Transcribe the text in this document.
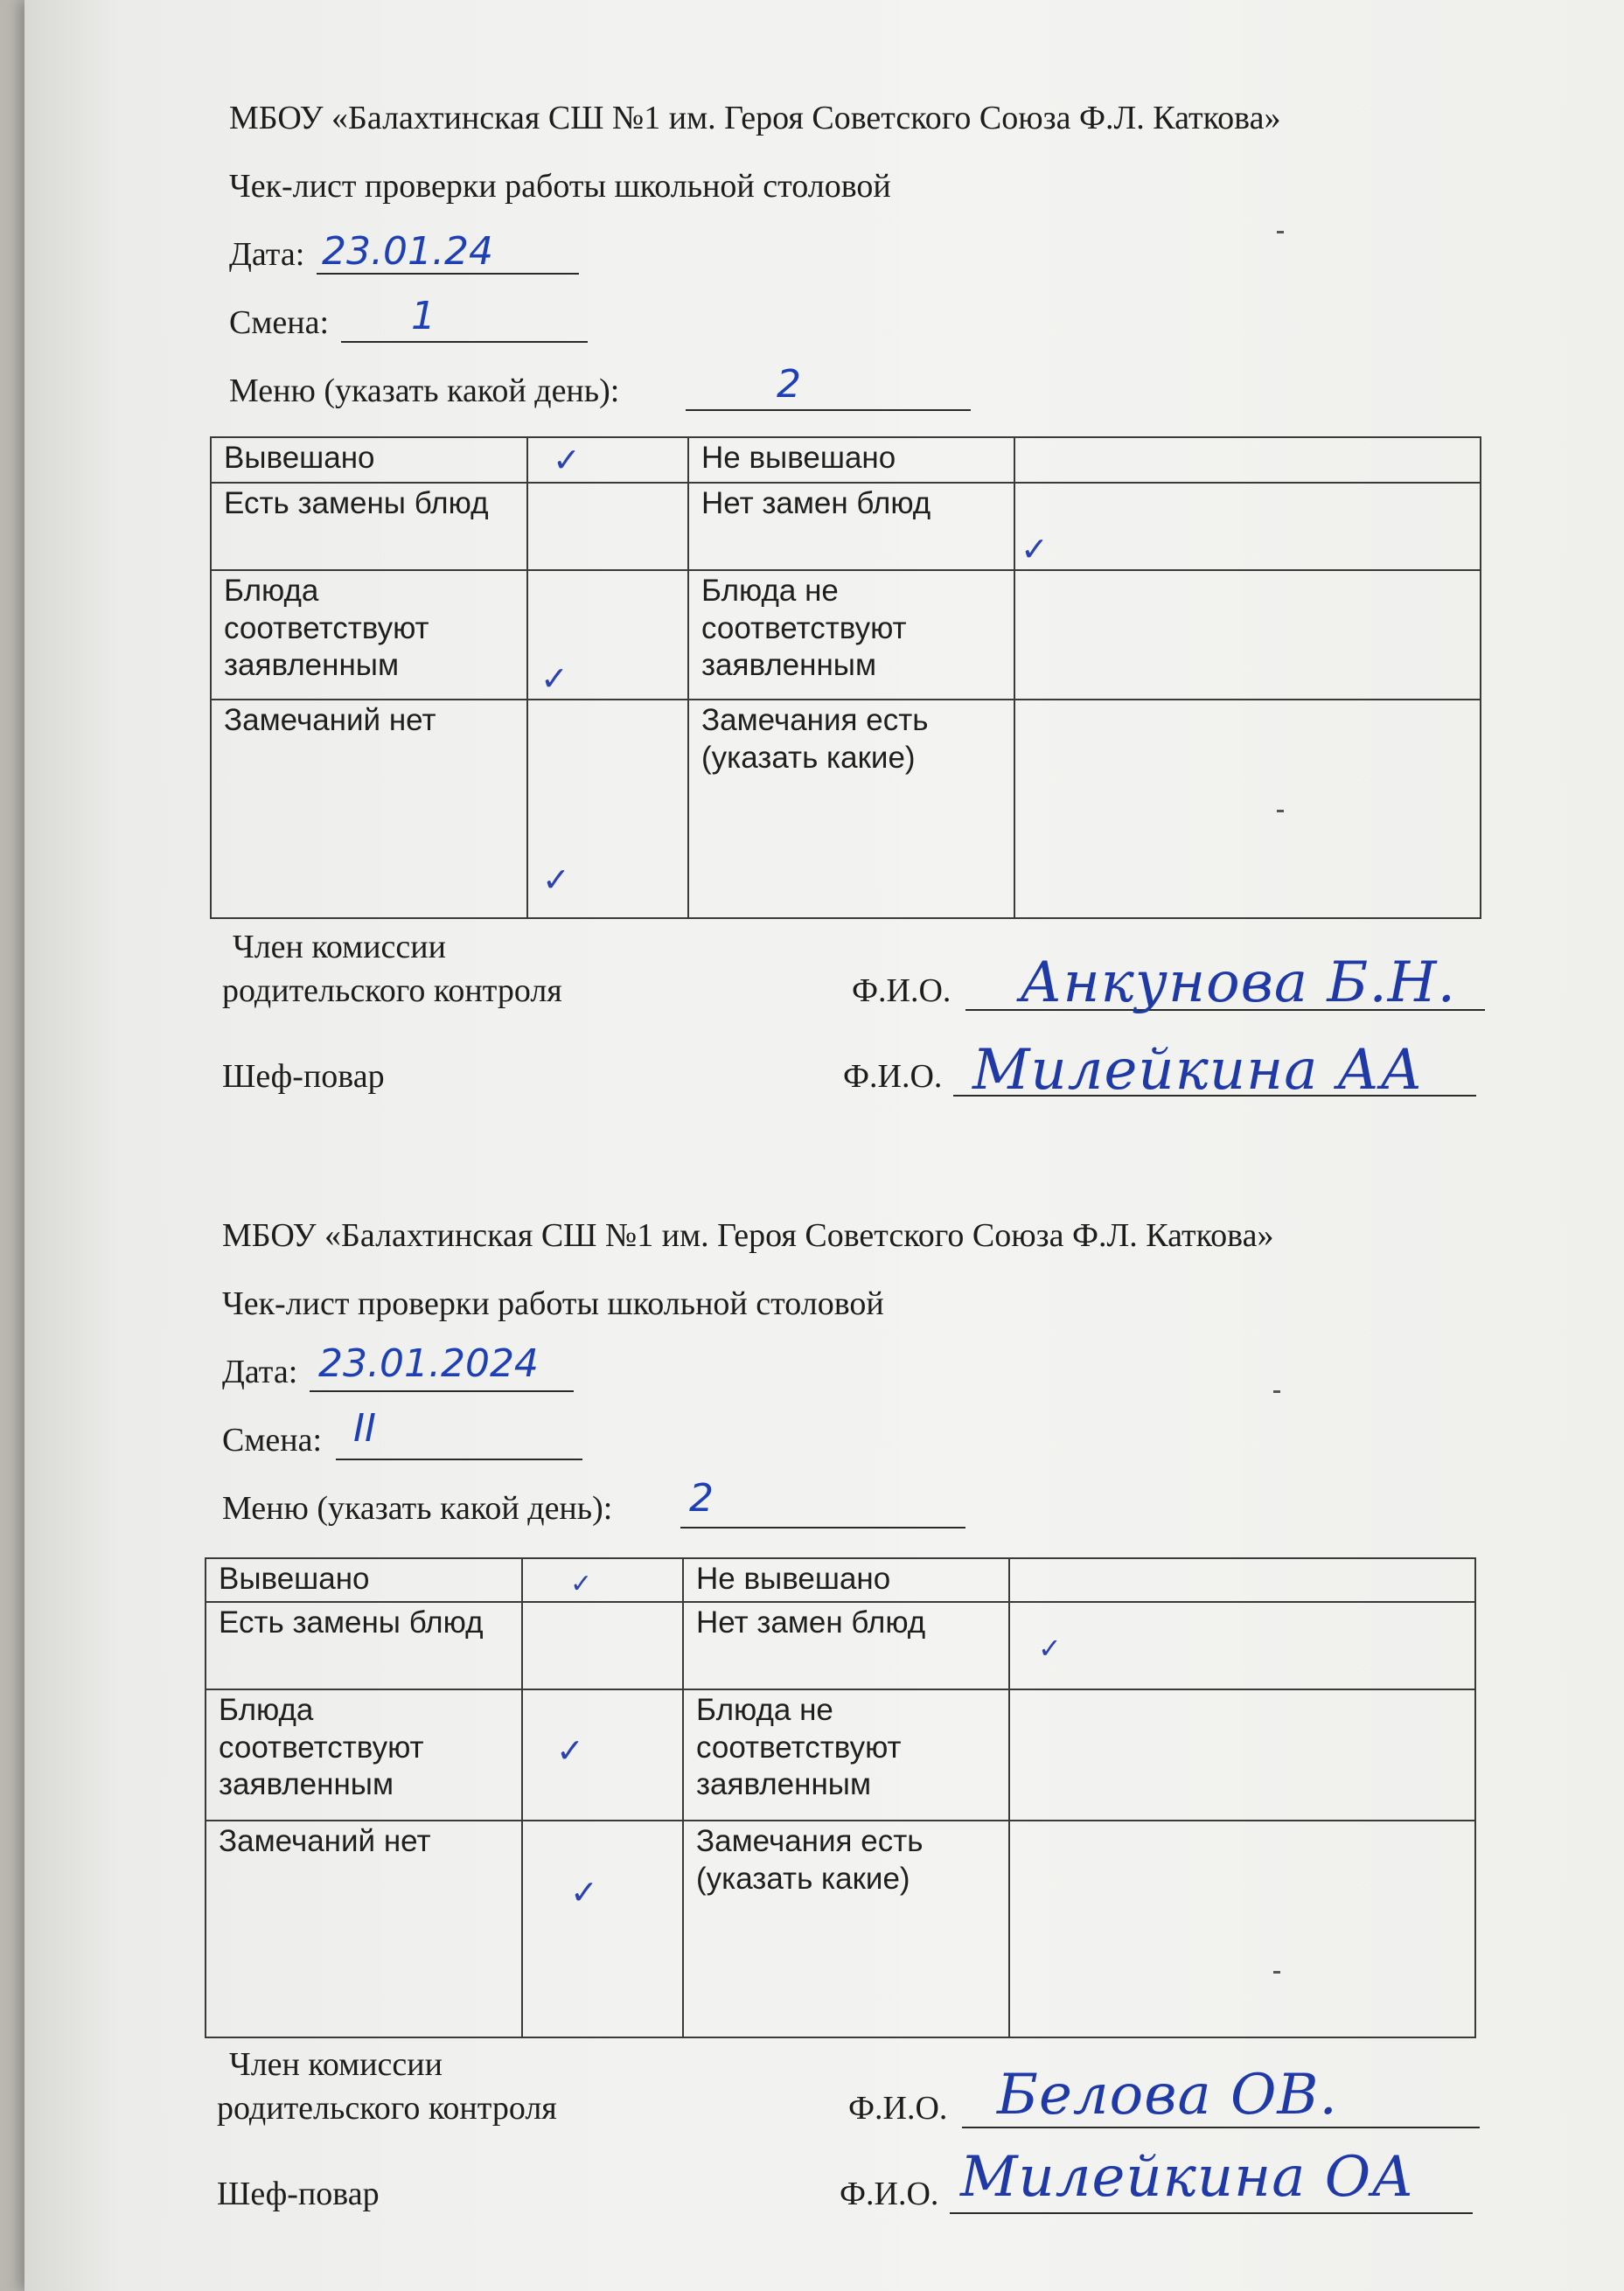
МБОУ «Балахтинская СШ №1 им. Героя Советского Союза Ф.Л. Каткова»
Чек-лист проверки работы школьной столовой
Дата: 23.01.24
Смена: 1
Меню (указать какой день):	2
Вывешано	✓	Не вывешано	
Есть замены блюд		Нет замен блюд	✓

Блюда соответствуют заявленным	✓	Блюда не соответствуют заявленным	
Замечаний нет	✓	Замечания есть (указать какие)	
Член комиссии
родительского контроля	Ф.И.О. Анкунова Б.Н.
Шеф-повар	Ф.И.О. Милейкина АА
МБОУ «Балахтинская СШ №1 им. Героя Советского Союза Ф.Л. Каткова»
Чек-лист проверки работы школьной столовой
Дата: 23.01.2024
Смена: II
Меню (указать какой день): 2
Вывешано	✓	Не вывешано	
Есть замены блюд		Нет замен блюд	✓

Блюда соответствуют заявленным	✓	Блюда не соответствуют заявленным	
Замечаний нет	✓	Замечания есть (указать какие)	
Член комиссии
родительского контроля	Ф.И.О. Белова ОВ.
Шеф-повар	Ф.И.О. Милейкина ОА
